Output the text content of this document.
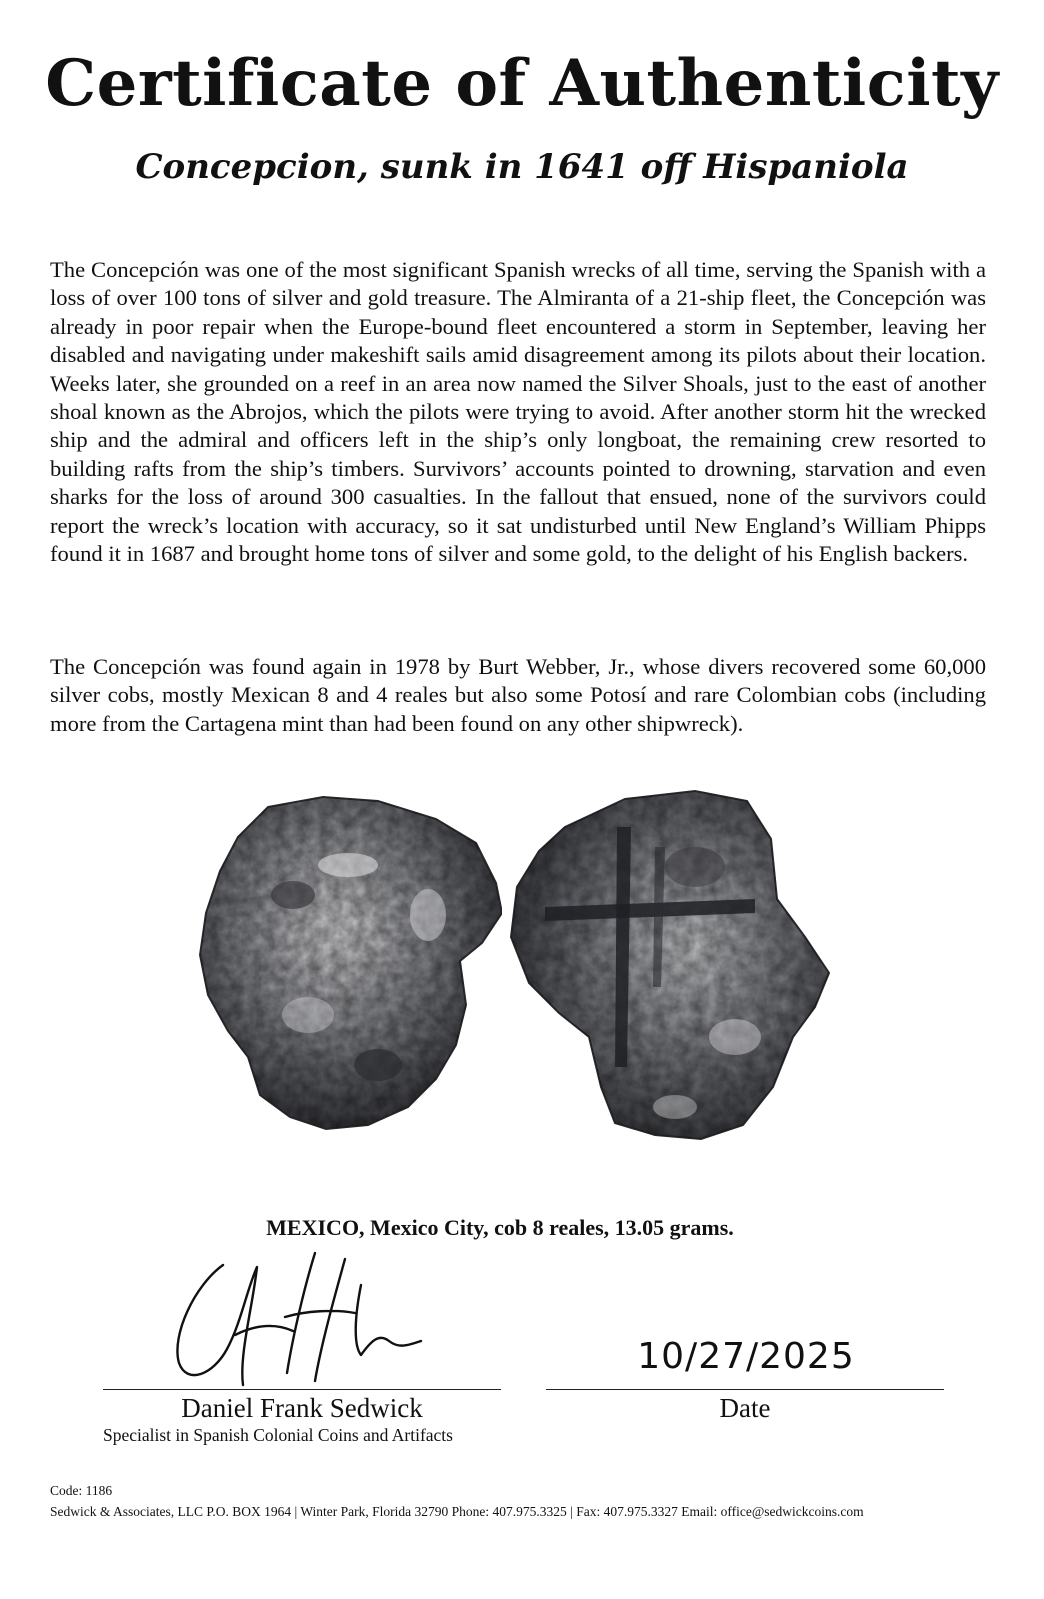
Certificate of Authenticity
Concepcion, sunk in 1641 off Hispaniola

The Concepción was one of the most significant Spanish wrecks of all time, serving the Spanish with a loss of over 100 tons of silver and gold treasure. The Almiranta of a 21-ship fleet, the Concepción was already in poor repair when the Europe-bound fleet encountered a storm in September, leaving her disabled and navigating under makeshift sails amid disagreement among its pilots about their location. Weeks later, she grounded on a reef in an area now named the Silver Shoals, just to the east of another shoal known as the Abrojos, which the pilots were trying to avoid. After another storm hit the wrecked ship and the admiral and officers left in the ship’s only longboat, the remaining crew resorted to building rafts from the ship’s timbers. Survivors’ accounts pointed to drowning, starvation and even sharks for the loss of around 300 casualties. In the fallout that ensued, none of the survivors could report the wreck’s location with accuracy, so it sat undisturbed until New England’s William Phipps found it in 1687 and brought home tons of silver and some gold, to the delight of his English backers.

The Concepción was found again in 1978 by Burt Webber, Jr., whose divers recovered some 60,000 silver cobs, mostly Mexican 8 and 4 reales but also some Potosí and rare Colombian cobs (including more from the Cartagena mint than had been found on any other shipwreck).

MEXICO, Mexico City, cob 8 reales, 13.05 grams.
10/27/2025
Daniel Frank Sedwick	Date
Specialist in Spanish Colonial Coins and Artifacts
Code: 1186
Sedwick & Associates, LLC P.O. BOX 1964 | Winter Park, Florida 32790 Phone: 407.975.3325 | Fax: 407.975.3327 Email: office@sedwickcoins.com
